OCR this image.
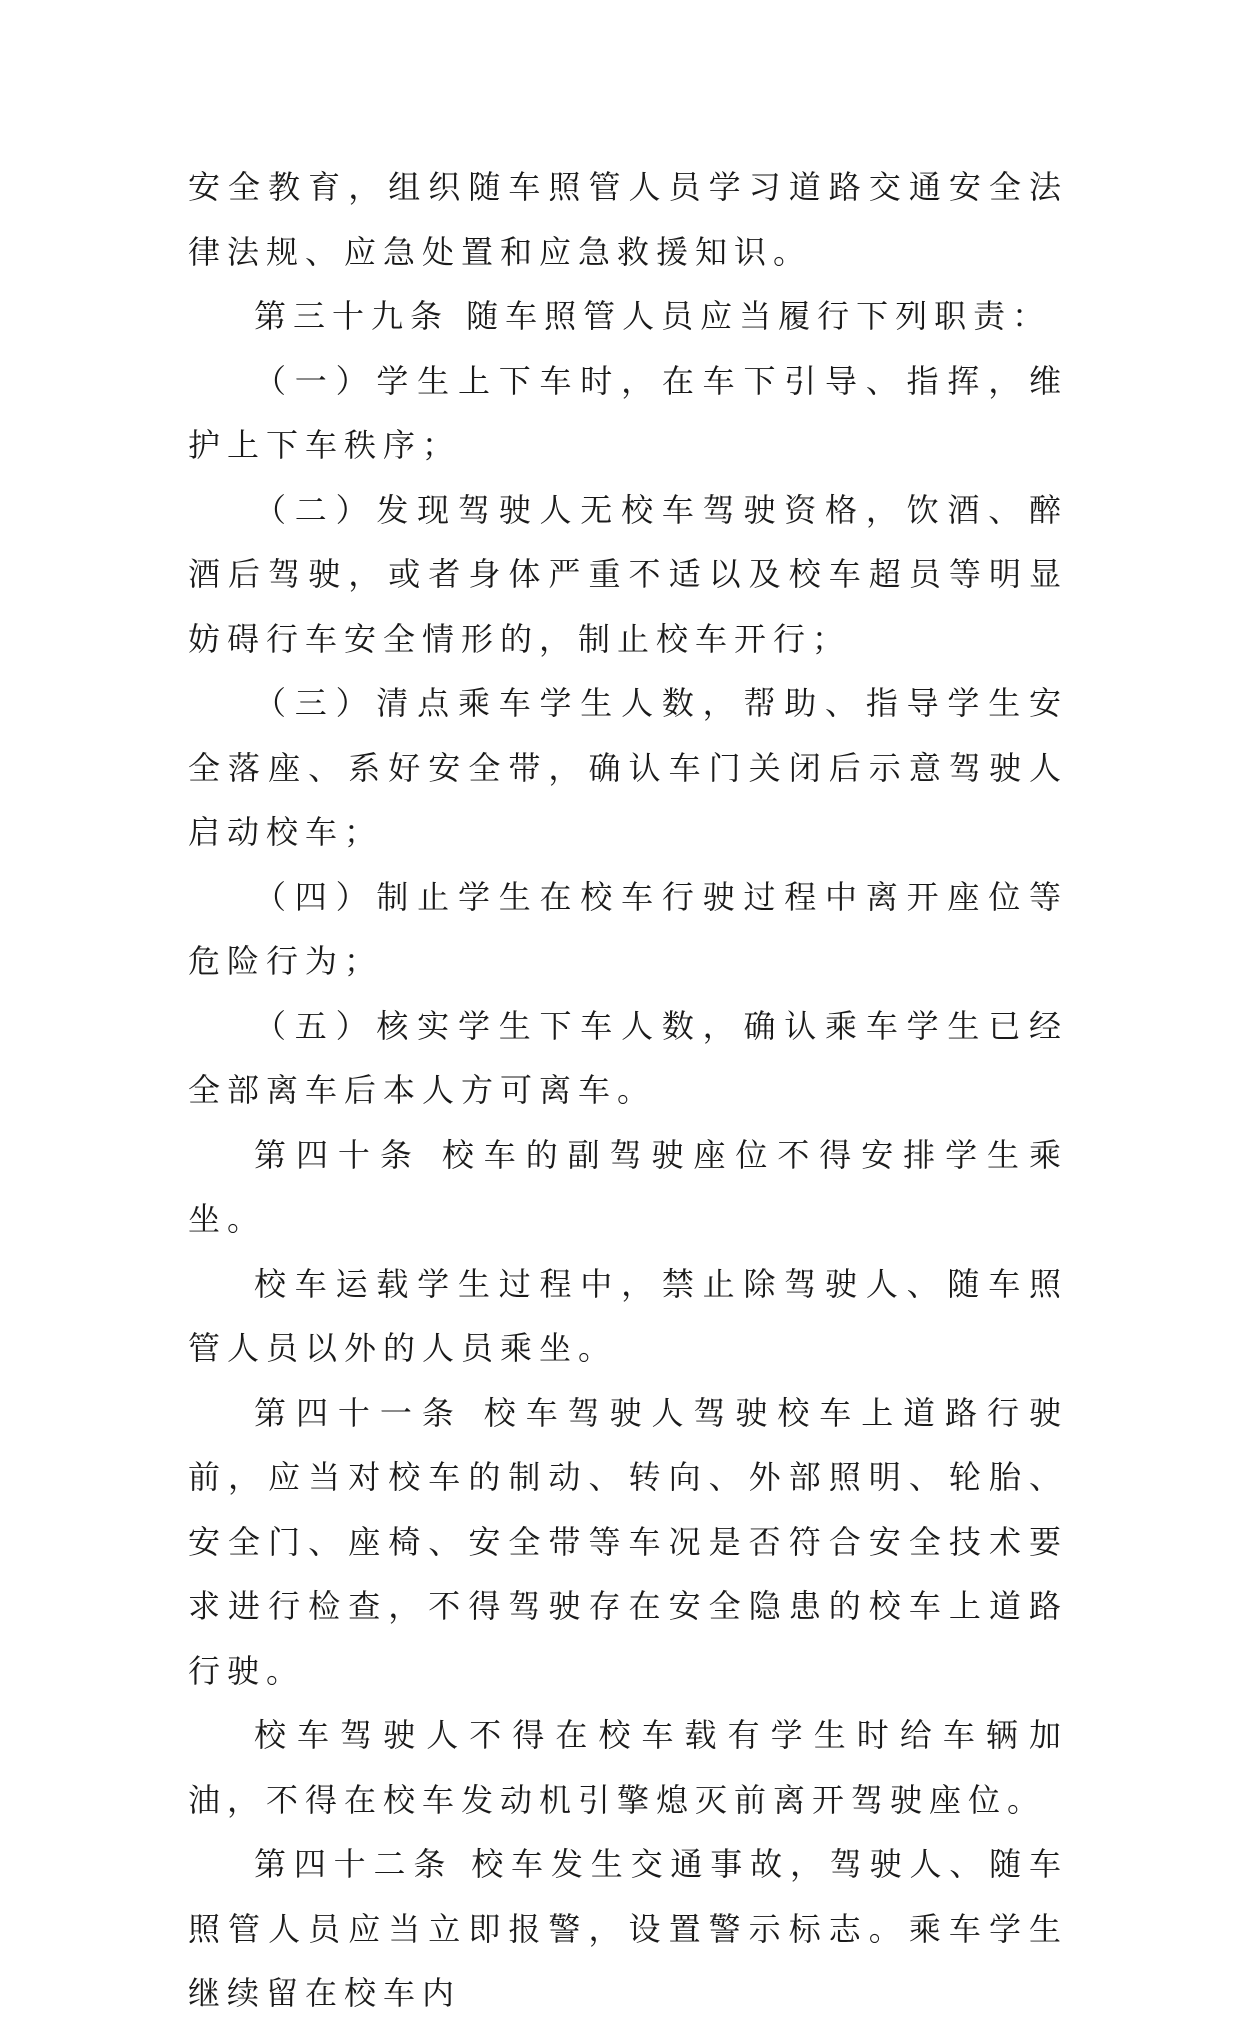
安全教育，组织随车照管人员学习道路交通安全法律法规、应急处置和应急救援知识。

第三十九条 随车照管人员应当履行下列职责：

（一）学生上下车时，在车下引导、指挥，维护上下车秩序；

（二）发现驾驶人无校车驾驶资格，饮酒、醉酒后驾驶，或者身体严重不适以及校车超员等明显妨碍行车安全情形的，制止校车开行；

（三）清点乘车学生人数，帮助、指导学生安全落座、系好安全带，确认车门关闭后示意驾驶人启动校车；

（四）制止学生在校车行驶过程中离开座位等危险行为；

（五）核实学生下车人数，确认乘车学生已经全部离车后本人方可离车。

第四十条 校车的副驾驶座位不得安排学生乘坐。

校车运载学生过程中，禁止除驾驶人、随车照管人员以外的人员乘坐。

第四十一条 校车驾驶人驾驶校车上道路行驶前，应当对校车的制动、转向、外部照明、轮胎、安全门、座椅、安全带等车况是否符合安全技术要求进行检查，不得驾驶存在安全隐患的校车上道路行驶。

校车驾驶人不得在校车载有学生时给车辆加油，不得在校车发动机引擎熄灭前离开驾驶座位。

第四十二条 校车发生交通事故，驾驶人、随车照管人员应当立即报警，设置警示标志。乘车学生继续留在校车内
